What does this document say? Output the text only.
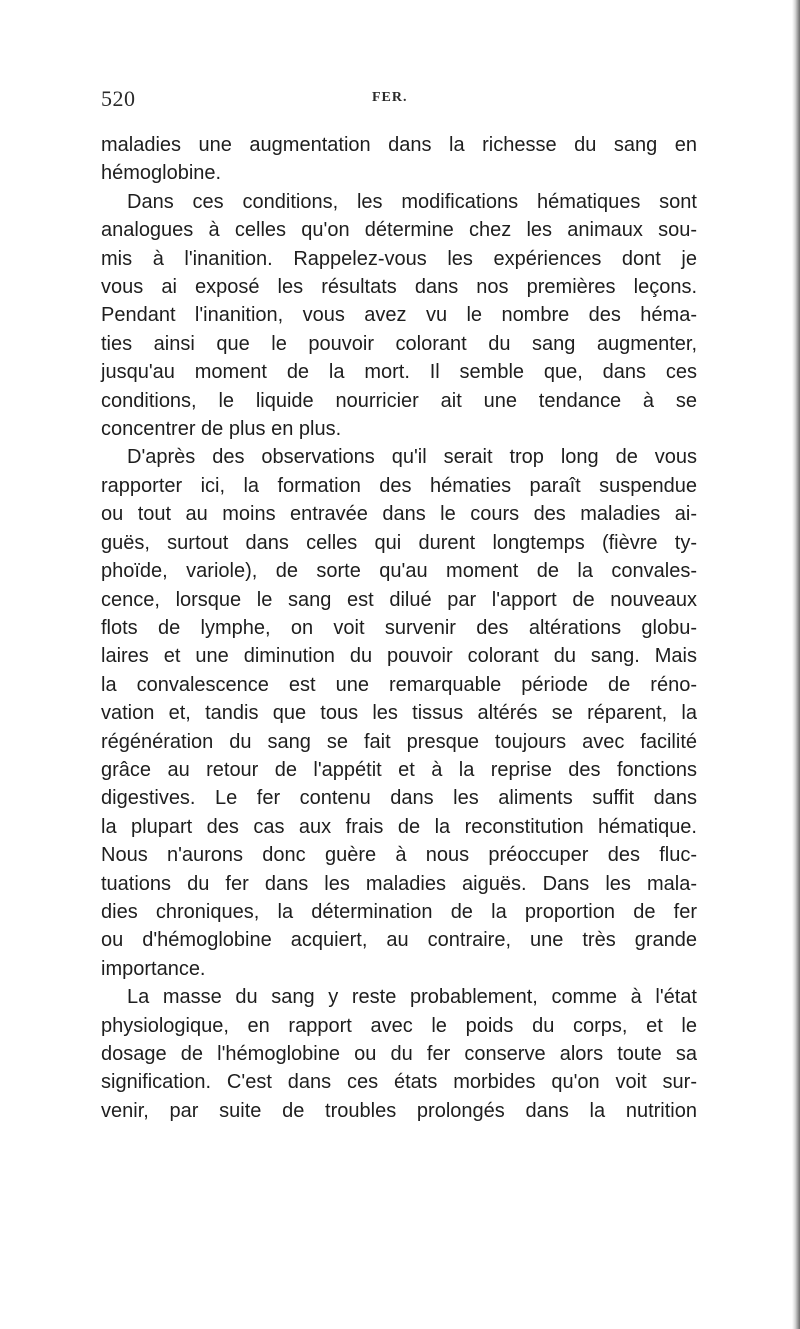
520	FER.
maladies une augmentation dans la richesse du sang en
hémoglobine.
Dans ces conditions, les modifications hématiques sont
analogues à celles qu'on détermine chez les animaux sou-
mis à l'inanition. Rappelez-vous les expériences dont je
vous ai exposé les résultats dans nos premières leçons.
Pendant l'inanition, vous avez vu le nombre des héma-
ties ainsi que le pouvoir colorant du sang augmenter,
jusqu'au moment de la mort. Il semble que, dans ces
conditions, le liquide nourricier ait une tendance à se
concentrer de plus en plus.
D'après des observations qu'il serait trop long de vous
rapporter ici, la formation des hématies paraît suspendue
ou tout au moins entravée dans le cours des maladies ai-
guës, surtout dans celles qui durent longtemps (fièvre ty-
phoïde, variole), de sorte qu'au moment de la convales-
cence, lorsque le sang est dilué par l'apport de nouveaux
flots de lymphe, on voit survenir des altérations globu-
laires et une diminution du pouvoir colorant du sang. Mais
la convalescence est une remarquable période de réno-
vation et, tandis que tous les tissus altérés se réparent, la
régénération du sang se fait presque toujours avec facilité
grâce au retour de l'appétit et à la reprise des fonctions
digestives. Le fer contenu dans les aliments suffit dans
la plupart des cas aux frais de la reconstitution hématique.
Nous n'aurons donc guère à nous préoccuper des fluc-
tuations du fer dans les maladies aiguës. Dans les mala-
dies chroniques, la détermination de la proportion de fer
ou d'hémoglobine acquiert, au contraire, une très grande
importance.
La masse du sang y reste probablement, comme à l'état
physiologique, en rapport avec le poids du corps, et le
dosage de l'hémoglobine ou du fer conserve alors toute sa
signification. C'est dans ces états morbides qu'on voit sur-
venir, par suite de troubles prolongés dans la nutrition
